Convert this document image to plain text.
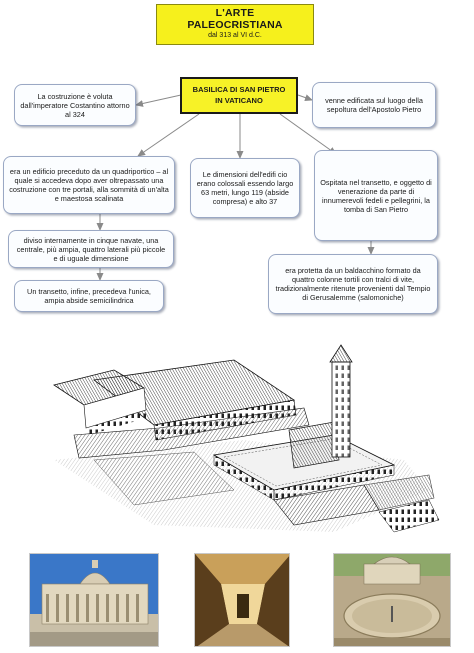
L'ARTE
PALEOCRISTIANA
dal 313 al VI d.C.
BASILICA DI SAN PIETRO
IN VATICANO
La costruzione è voluta dall'imperatore Costantino attorno al 324
venne edificata sul luogo della sepoltura dell'Apostolo Pietro
era un edificio preceduto da un quadriportico – al quale si accedeva dopo aver oltrepassato una costruzione con tre portali, alla sommità di un'alta e maestosa scalinata
Le dimensioni dell'edifi cio erano colossali essendo largo 63 metri, lungo 119 (abside compresa) e alto 37
Ospitata nel transetto, e oggetto di venerazione da parte di innumerevoli fedeli e pellegrini, la tomba di San Pietro
diviso internamente in cinque navate, una centrale, più ampia, quattro laterali più piccole e di uguale dimensione
Un transetto, infine, precedeva l'unica, ampia abside semicilindrica
era protetta da un baldacchino formato da quattro colonne tortili con tralci di vite, tradizionalmente ritenute provenienti dal Tempio di Gerusalemme (salomoniche)
